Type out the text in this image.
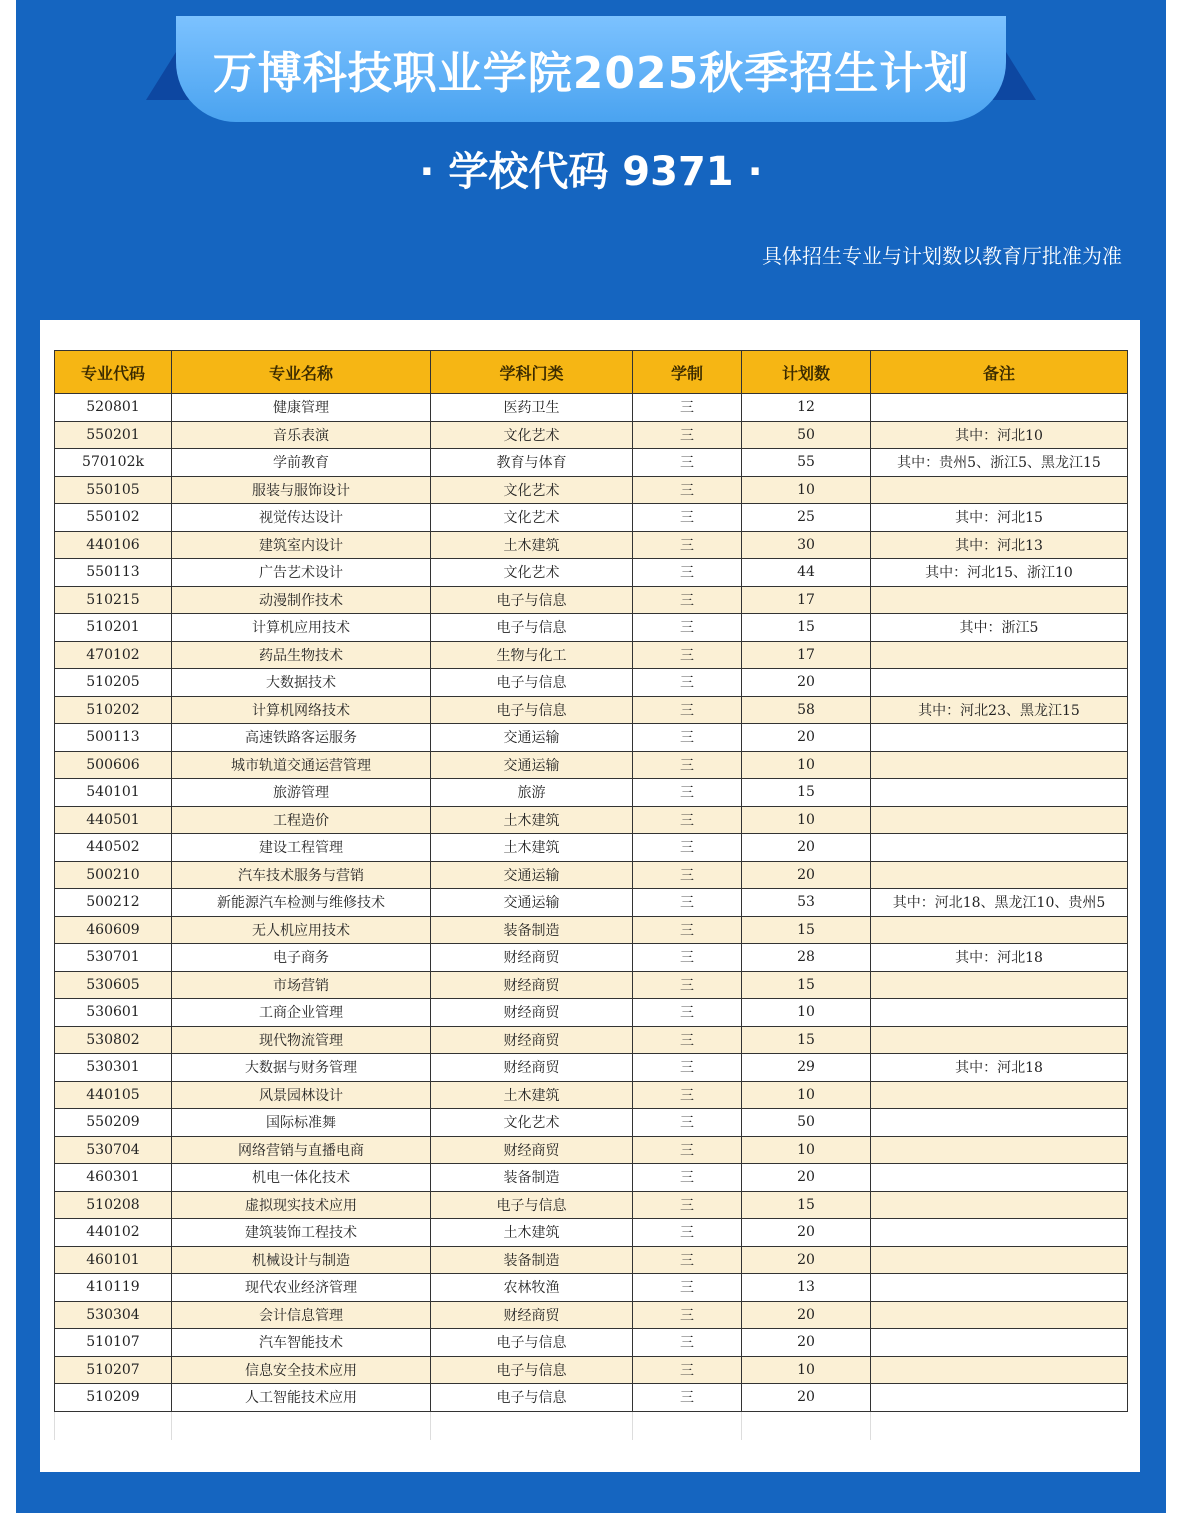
万博科技职业学院2025秋季招生计划
· 学校代码 9371 ·
具体招生专业与计划数以教育厅批准为准
专业代码	专业名称	学科门类	学制	计划数	备注
520801	健康管理	医药卫生	三	12	
550201	音乐表演	文化艺术	三	50	其中：河北10
570102k	学前教育	教育与体育	三	55	其中：贵州5、浙江5、黑龙江15
550105	服装与服饰设计	文化艺术	三	10	
550102	视觉传达设计	文化艺术	三	25	其中：河北15
440106	建筑室内设计	土木建筑	三	30	其中：河北13
550113	广告艺术设计	文化艺术	三	44	其中：河北15、浙江10
510215	动漫制作技术	电子与信息	三	17	
510201	计算机应用技术	电子与信息	三	15	其中：浙江5
470102	药品生物技术	生物与化工	三	17	
510205	大数据技术	电子与信息	三	20	
510202	计算机网络技术	电子与信息	三	58	其中：河北23、黑龙江15
500113	高速铁路客运服务	交通运输	三	20	
500606	城市轨道交通运营管理	交通运输	三	10	
540101	旅游管理	旅游	三	15	
440501	工程造价	土木建筑	三	10	
440502	建设工程管理	土木建筑	三	20	
500210	汽车技术服务与营销	交通运输	三	20	
500212	新能源汽车检测与维修技术	交通运输	三	53	其中：河北18、黑龙江10、贵州5
460609	无人机应用技术	装备制造	三	15	
530701	电子商务	财经商贸	三	28	其中：河北18
530605	市场营销	财经商贸	三	15	
530601	工商企业管理	财经商贸	三	10	
530802	现代物流管理	财经商贸	三	15	
530301	大数据与财务管理	财经商贸	三	29	其中：河北18
440105	风景园林设计	土木建筑	三	10	
550209	国际标准舞	文化艺术	三	50	
530704	网络营销与直播电商	财经商贸	三	10	
460301	机电一体化技术	装备制造	三	20	
510208	虚拟现实技术应用	电子与信息	三	15	
440102	建筑装饰工程技术	土木建筑	三	20	
460101	机械设计与制造	装备制造	三	20	
410119	现代农业经济管理	农林牧渔	三	13	
530304	会计信息管理	财经商贸	三	20	
510107	汽车智能技术	电子与信息	三	20	
510207	信息安全技术应用	电子与信息	三	10	
510209	人工智能技术应用	电子与信息	三	20	
